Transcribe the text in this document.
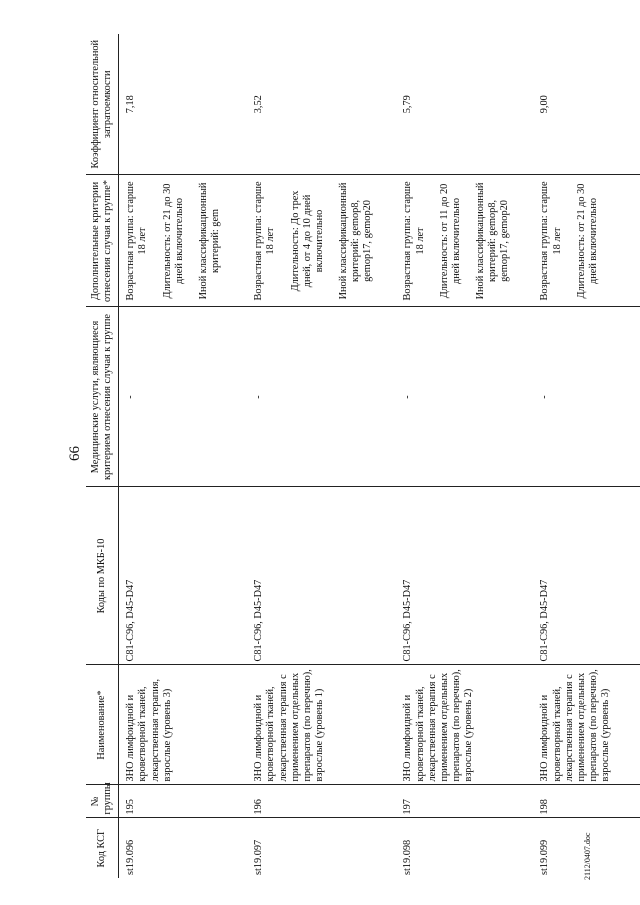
66
2112/0407.doc
Код КСГ	№ группы	Наименование*	Коды по МКБ-10	Медицинские услуги, являющиеся критерием отнесения случая к группе	Дополнительные критерии отнесения случая к группе*	Коэффициент относительной затратоемкости
st19.096	195	ЗНО лимфоидной и кроветворной тканей, лекарственная терапия, взрослые (уровень 3)	C81-C96, D45-D47	-	Возрастная группа: старше 18 лет Длительность: от 21 до 30 дней включительно Иной классификационный критерий: gem	7,18
st19.097	196	ЗНО лимфоидной и кроветворной тканей, лекарственная терапия с применением отдельных препаратов (по перечню), взрослые (уровень 1)	C81-C96, D45-D47	-	Возрастная группа: старше 18 лет Длительность: До трех дней, от 4 до 10 дней включительно Иной классификационный критерий: gemop8, gemop17, gemop20	3,52
st19.098	197	ЗНО лимфоидной и кроветворной тканей, лекарственная терапия с применением отдельных препаратов (по перечню), взрослые (уровень 2)	C81-C96, D45-D47	-	Возрастная группа: старше 18 лет Длительность: от 11 до 20 дней включительно Иной классификационный критерий: gemop8, gemop17, gemop20	5,79
st19.099	198	ЗНО лимфоидной и кроветворной тканей, лекарственная терапия с применением отдельных препаратов (по перечню), взрослые (уровень 3)	C81-C96, D45-D47	-	Возрастная группа: старше 18 лет Длительность: от 21 до 30 дней включительно	9,00
